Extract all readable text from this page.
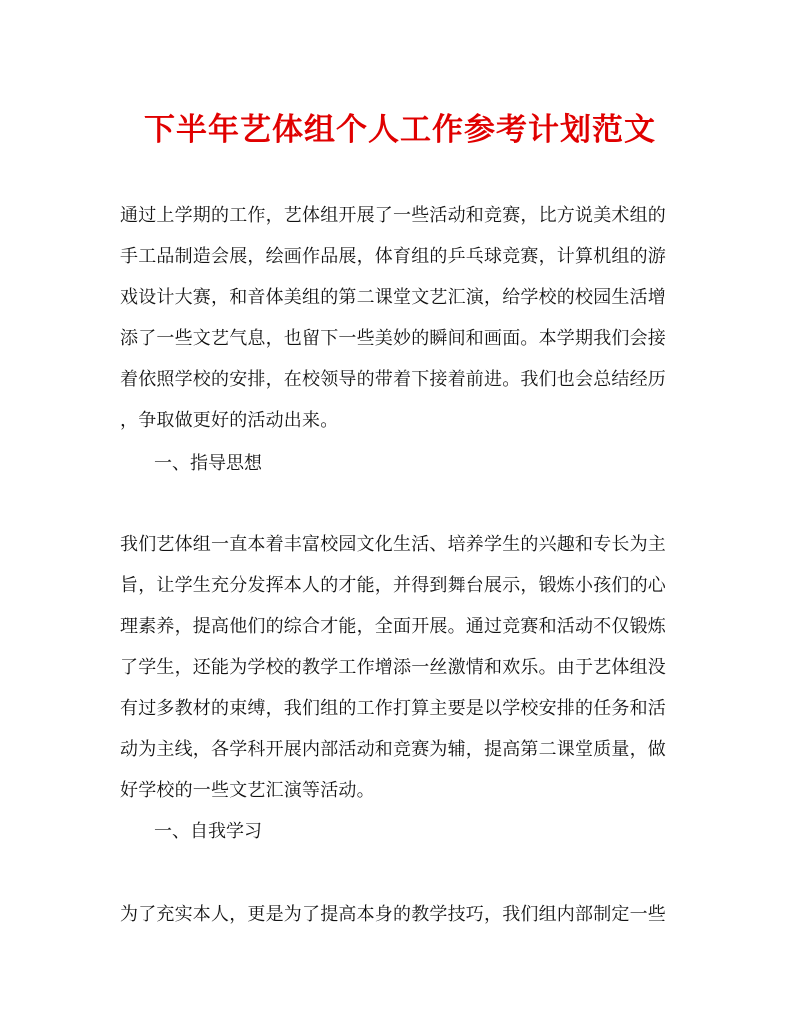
下半年艺体组个人工作参考计划范文
通过上学期的工作，艺体组开展了一些活动和竞赛，比方说美术组的
手工品制造会展，绘画作品展，体育组的乒乓球竞赛，计算机组的游
戏设计大赛，和音体美组的第二课堂文艺汇演，给学校的校园生活增
添了一些文艺气息，也留下一些美妙的瞬间和画面。本学期我们会接
着依照学校的安排，在校领导的带着下接着前进。我们也会总结经历
，争取做更好的活动出来。
一、指导思想
我们艺体组一直本着丰富校园文化生活、培养学生的兴趣和专长为主
旨，让学生充分发挥本人的才能，并得到舞台展示，锻炼小孩们的心
理素养，提高他们的综合才能，全面开展。通过竞赛和活动不仅锻炼
了学生，还能为学校的教学工作增添一丝激情和欢乐。由于艺体组没
有过多教材的束缚，我们组的工作打算主要是以学校安排的任务和活
动为主线，各学科开展内部活动和竞赛为辅，提高第二课堂质量，做
好学校的一些文艺汇演等活动。
一、自我学习
为了充实本人，更是为了提高本身的教学技巧，我们组内部制定一些
